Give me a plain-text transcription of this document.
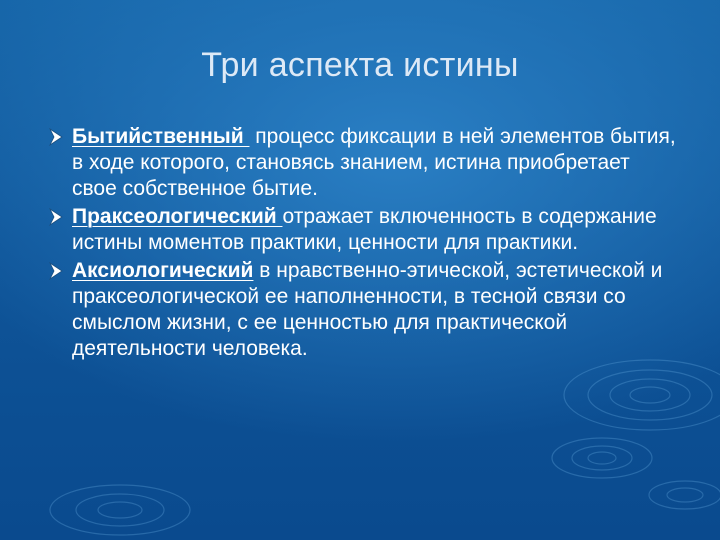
Три аспекта истины
Бытийственный  процесс фиксации в ней элементов бытия, в ходе которого, становясь знанием, истина приобретает свое собственное бытие.
Праксеологический отражает включенность в содержание истины моментов практики, ценности для практики.
Аксиологический в нравственно-этической, эстетической и праксеологической ее наполненности, в тесной связи со смыслом жизни, с ее ценностью для практической деятельности человека.
